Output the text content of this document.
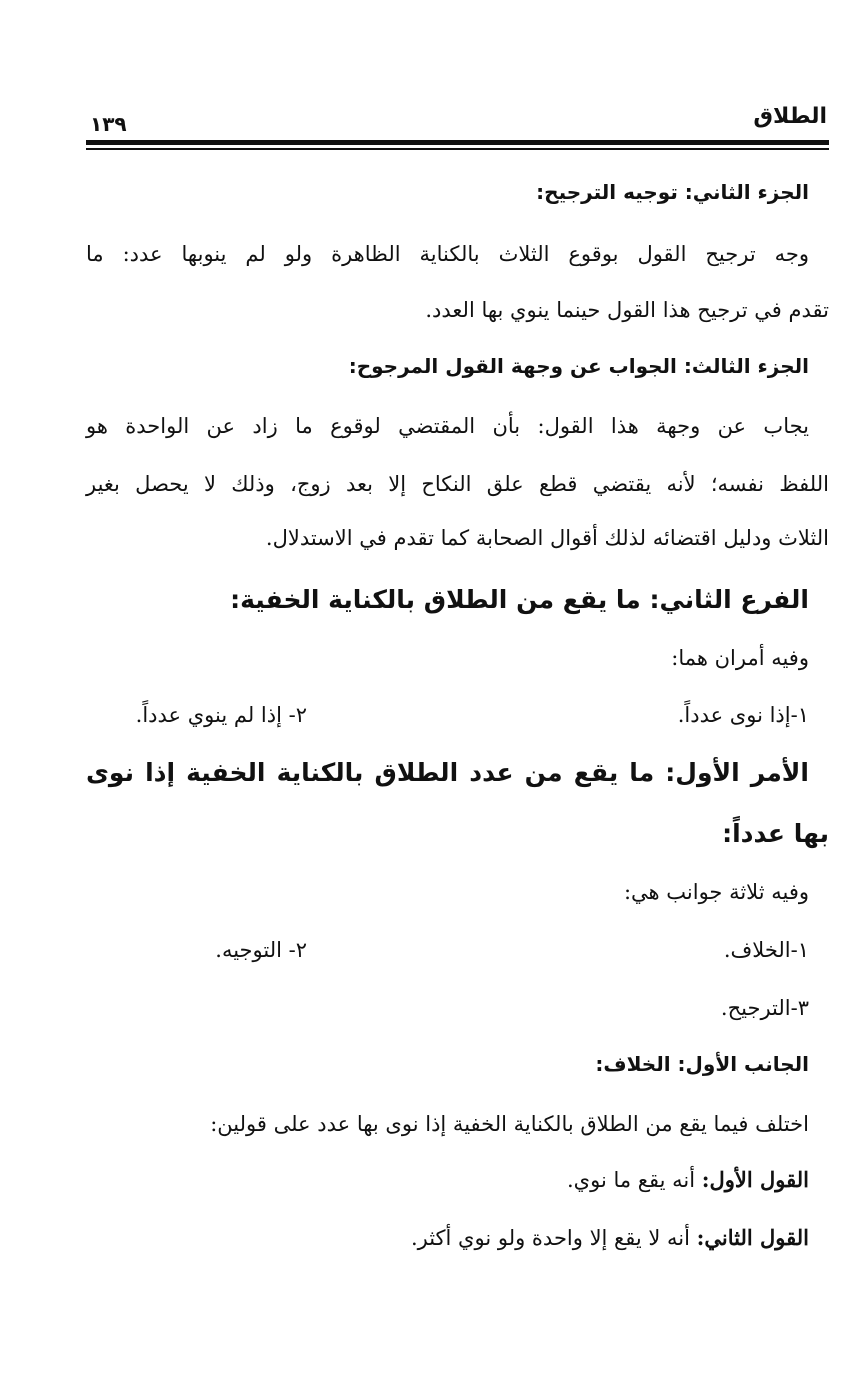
الطلاق
١٣٩
الجزء الثاني: توجيه الترجيح:
وجه ترجيح القول بوقوع الثلاث بالكناية الظاهرة ولو لم ينوبها عدد: ما
تقدم في ترجيح هذا القول حينما ينوي بها العدد.
الجزء الثالث: الجواب عن وجهة القول المرجوح:
يجاب عن وجهة هذا القول: بأن المقتضي لوقوع ما زاد عن الواحدة هو
اللفظ نفسه؛ لأنه يقتضي قطع علق النكاح إلا بعد زوج، وذلك لا يحصل بغير
الثلاث ودليل اقتضائه لذلك أقوال الصحابة كما تقدم في الاستدلال.
الفرع الثاني: ما يقع من الطلاق بالكناية الخفية:
وفيه أمران هما:
١-إذا نوى عدداً.
٢- إذا لم ينوي عدداً.
الأمر الأول: ما يقع من عدد الطلاق بالكناية الخفية إذا نوى
بها عدداً:
وفيه ثلاثة جوانب هي:
١-الخلاف.
٢- التوجيه.
٣-الترجيح.
الجانب الأول: الخلاف:
اختلف فيما يقع من الطلاق بالكناية الخفية إذا نوى بها عدد على قولين:
القول الأول: أنه يقع ما نوي.
القول الثاني: أنه لا يقع إلا واحدة ولو نوي أكثر.
